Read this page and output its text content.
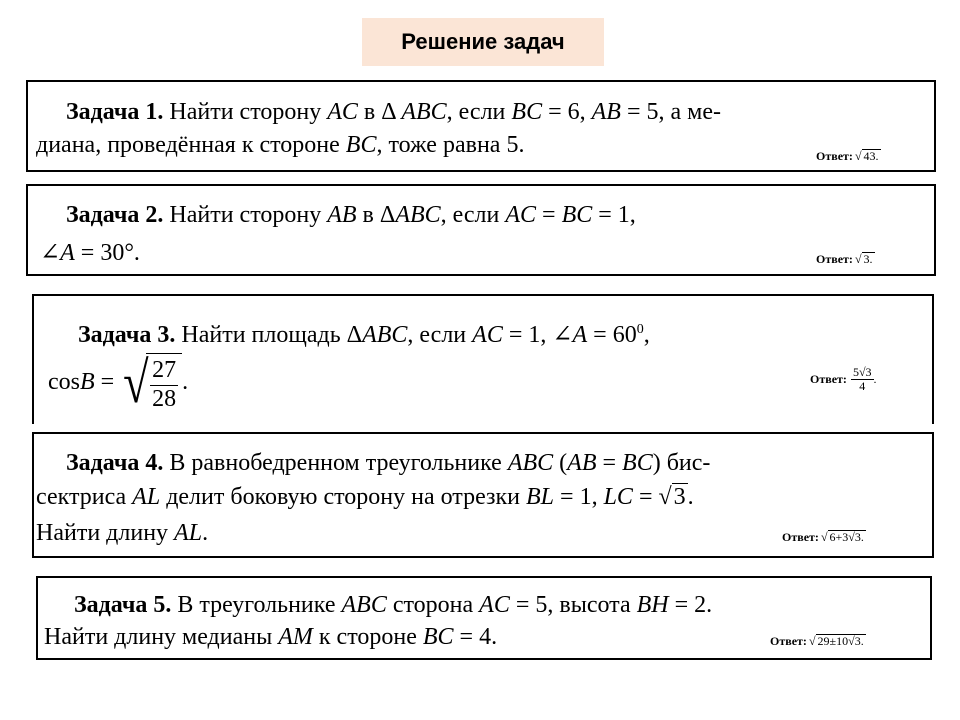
Решение задач
Задача 1. Найти сторону AC в Δ ABC, если BC = 6, AB = 5, а ме-
диана, проведённая к стороне BC, тоже равна 5.	Ответ: √ 43.
Задача 2. Найти сторону AB в ΔABC, если AC = BC = 1,
∠A = 30°.	Ответ: √ 3.
Задача 3. Найти площадь ΔABC, если AC = 1, ∠A = $60^0$,
cosB = √ $\frac{27}{28}$ .	Ответ: $\frac{5√3}{4}$ .
Задача 4. В равнобедренном треугольнике ABC (AB = BC) бис-
сектриса AL делит боковую сторону на отрезки BL = 1, LC = √3.
Найти длину AL.	Ответ: √ 6+3√3.
Задача 5. В треугольнике ABC сторона AC = 5, высота BH = 2.
Найти длину медианы AM к стороне BC = 4.	Ответ: √ 29±10√3.
